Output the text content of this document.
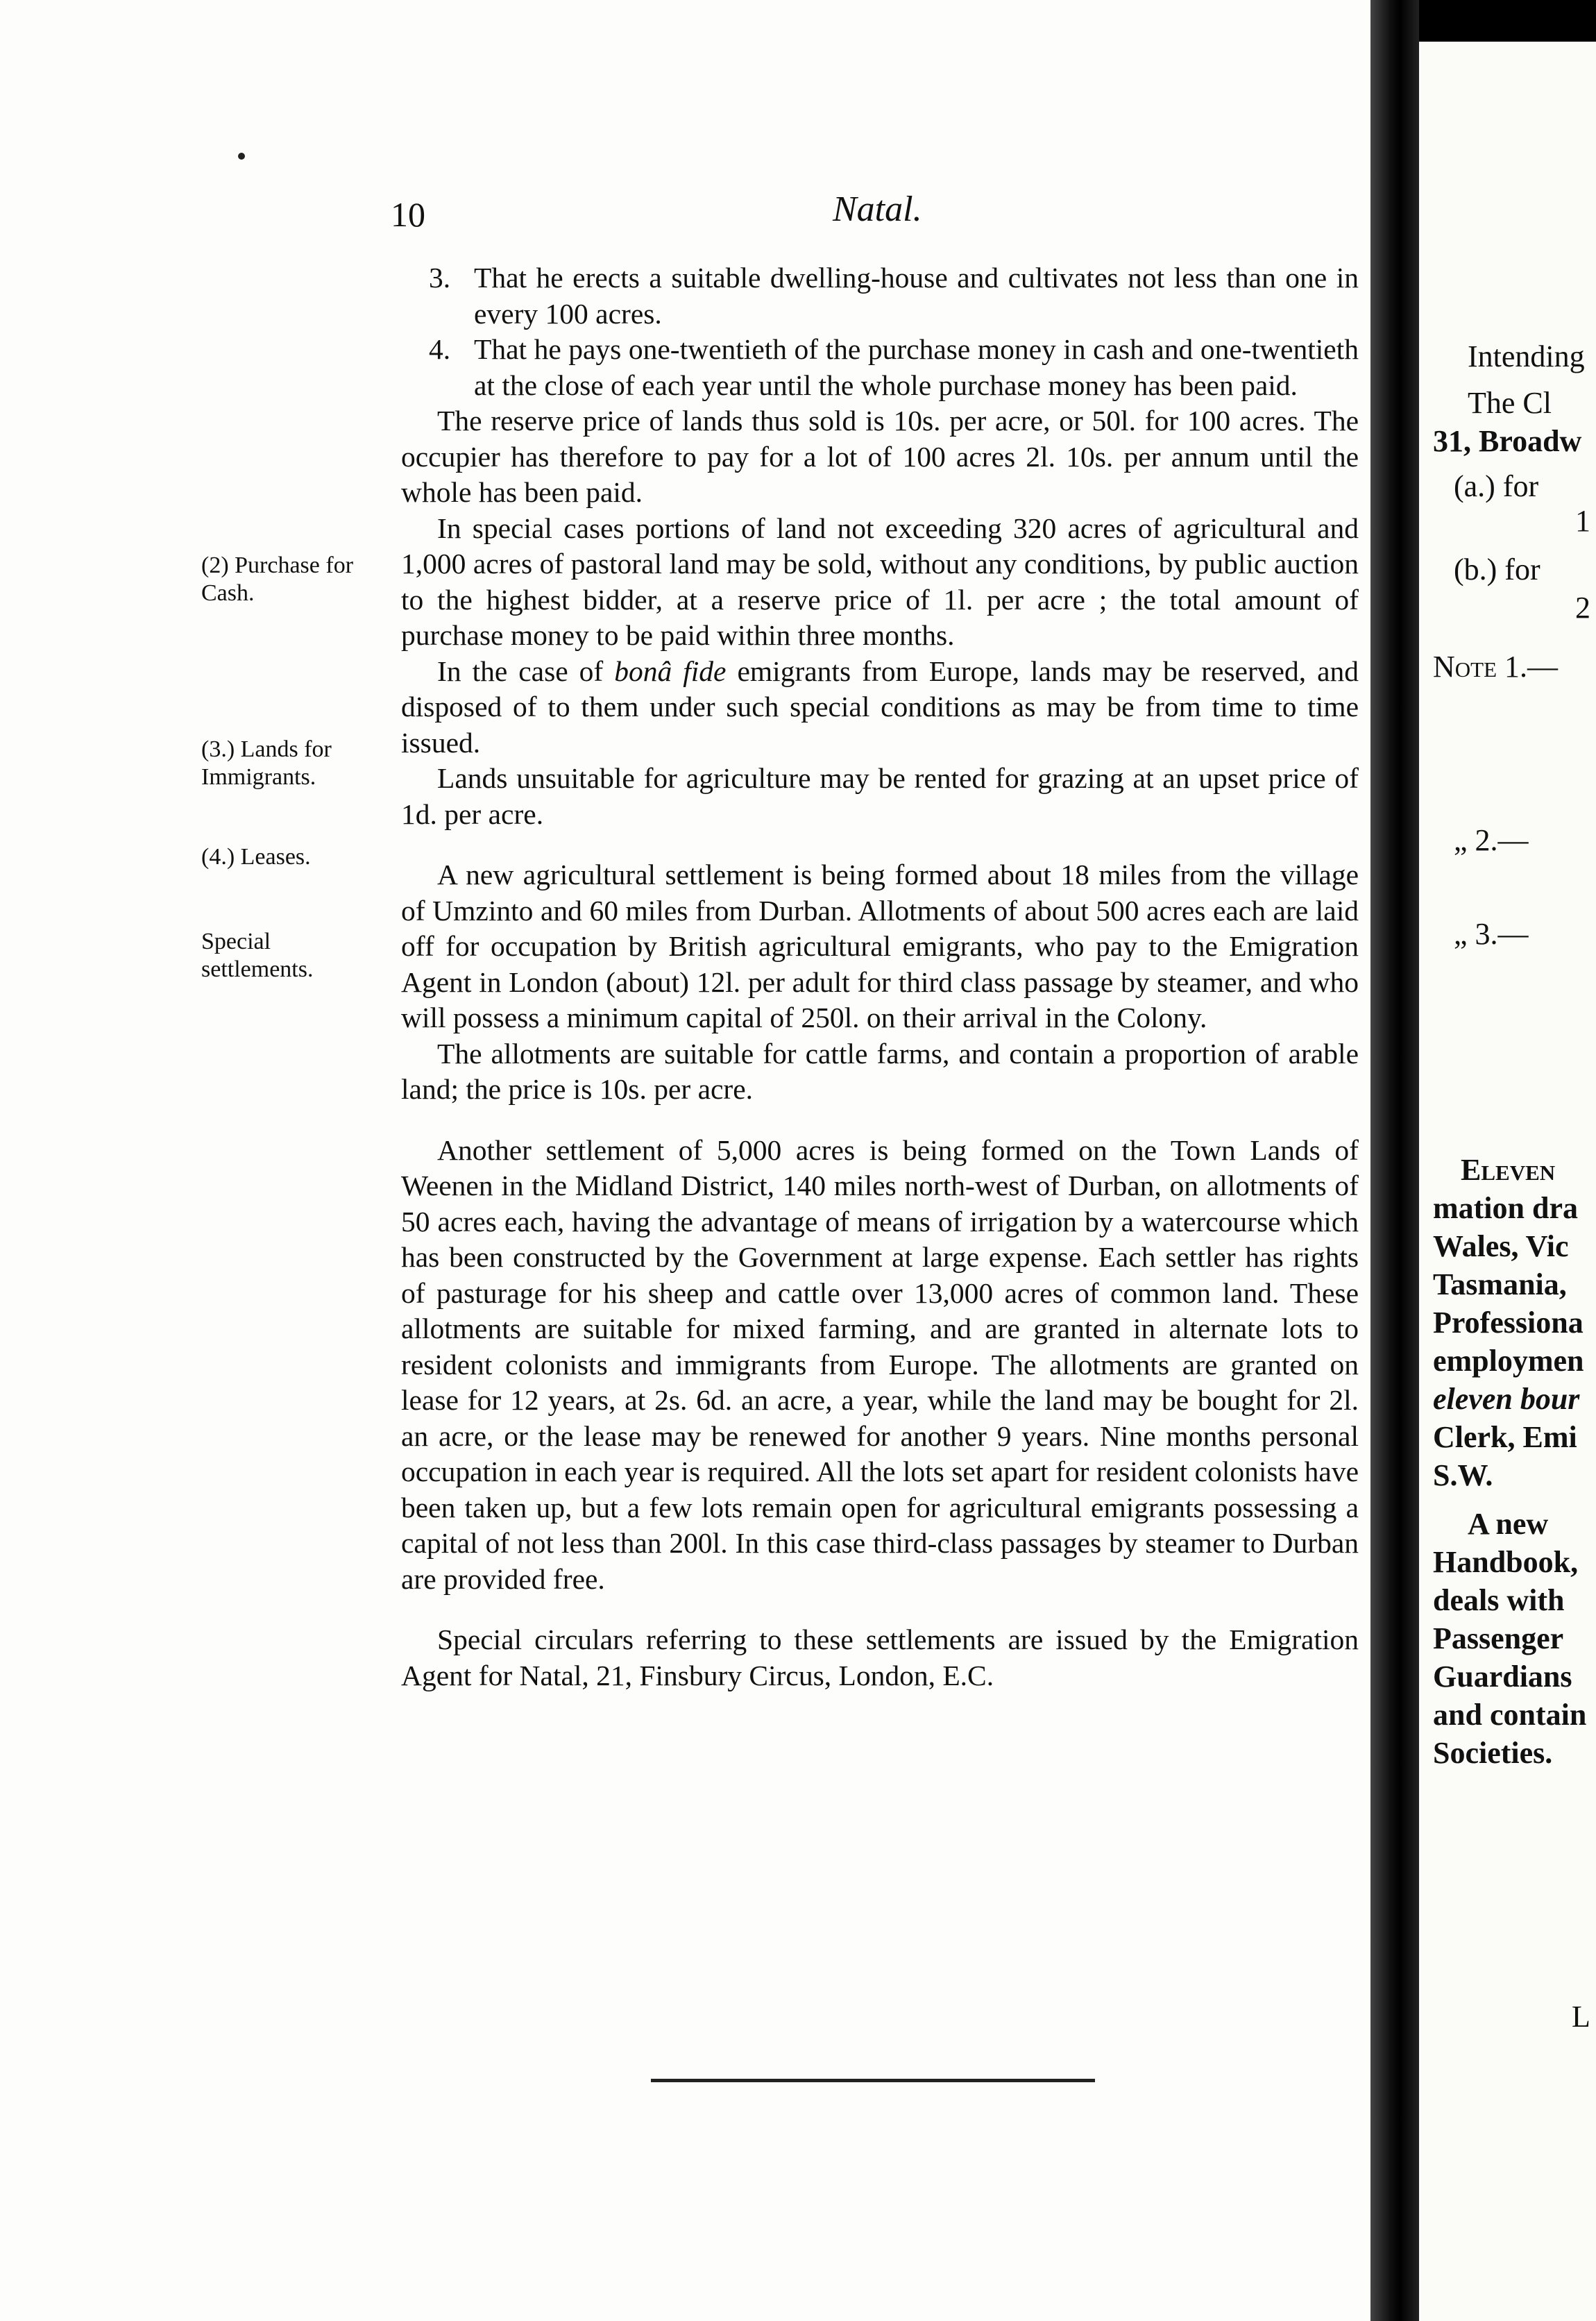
10	Natal.
(2) Purchase for Cash.
(3.) Lands for Immigrants.
(4.) Leases.
Special settlements.

3. That he erects a suitable dwelling-house and cultivates not less than one in every 100 acres.

4. That he pays one-twentieth of the purchase money in cash and one-twentieth at the close of each year until the whole purchase money has been paid.

The reserve price of lands thus sold is 10s. per acre, or 50l. for 100 acres. The occupier has therefore to pay for a lot of 100 acres 2l. 10s. per annum until the whole has been paid.

In special cases portions of land not exceeding 320 acres of agricultural and 1,000 acres of pastoral land may be sold, without any conditions, by public auction to the highest bidder, at a reserve price of 1l. per acre ; the total amount of purchase money to be paid within three months.

In the case of bonâ fide emigrants from Europe, lands may be reserved, and disposed of to them under such special conditions as may be from time to time issued.

Lands unsuitable for agriculture may be rented for grazing at an upset price of 1d. per acre.

A new agricultural settlement is being formed about 18 miles from the village of Umzinto and 60 miles from Durban. Allotments of about 500 acres each are laid off for occupation by British agricultural emigrants, who pay to the Emigration Agent in London (about) 12l. per adult for third class passage by steamer, and who will possess a minimum capital of 250l. on their arrival in the Colony.

The allotments are suitable for cattle farms, and contain a proportion of arable land; the price is 10s. per acre.

Another settlement of 5,000 acres is being formed on the Town Lands of Weenen in the Midland District, 140 miles north-west of Durban, on allotments of 50 acres each, having the advantage of means of irrigation by a watercourse which has been constructed by the Government at large expense. Each settler has rights of pasturage for his sheep and cattle over 13,000 acres of common land. These allotments are suitable for mixed farming, and are granted in alternate lots to resident colonists and immigrants from Europe. The allotments are granted on lease for 12 years, at 2s. 6d. an acre, a year, while the land may be bought for 2l. an acre, or the lease may be renewed for another 9 years. Nine months personal occupation in each year is required. All the lots set apart for resident colonists have been taken up, but a few lots remain open for agricultural emigrants possessing a capital of not less than 200l. In this case third-class passages by steamer to Durban are provided free.

Special circulars referring to these settlements are issued by the Emigration Agent for Natal, 21, Finsbury Circus, London, E.C.

Intending
The Cl
31, Broadw
(a.) for
1
(b.) for
2
Note 1.—
„ 2.—
„ 3.—
Eleven
mation dra
Wales, Vic
Tasmania,
Professiona
employmen
eleven bour
Clerk, Emi
S.W.
A new
Handbook,
deals with
Passenger
Guardians
and contain
Societies.
L
